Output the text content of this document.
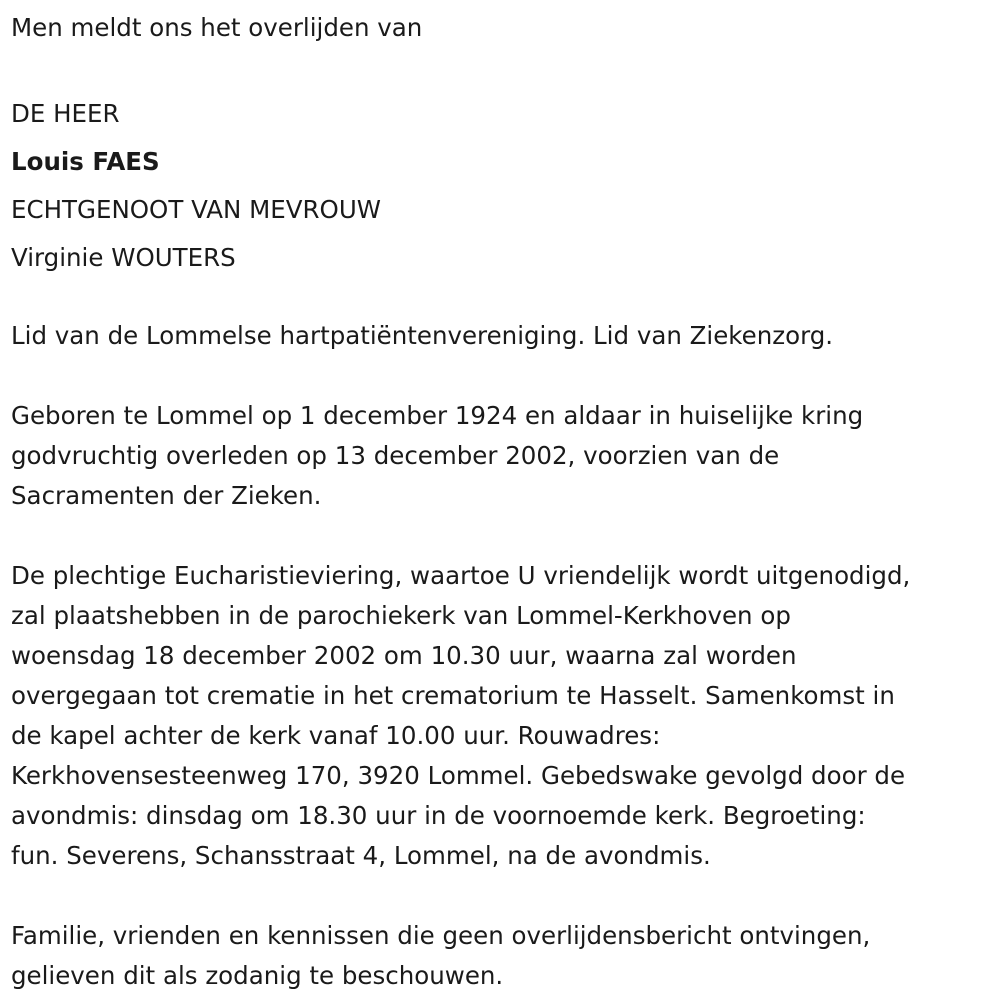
Men meldt ons het overlijden van
DE HEER
Louis FAES
ECHTGENOOT VAN MEVROUW
Virginie WOUTERS
Lid van de Lommelse hartpatiëntenvereniging. Lid van Ziekenzorg.
Geboren te Lommel op 1 december 1924 en aldaar in huiselijke kring
godvruchtig overleden op 13 december 2002, voorzien van de
Sacramenten der Zieken.
De plechtige Eucharistieviering, waartoe U vriendelijk wordt uitgenodigd,
zal plaatshebben in de parochiekerk van Lommel-Kerkhoven op
woensdag 18 december 2002 om 10.30 uur, waarna zal worden
overgegaan tot crematie in het crematorium te Hasselt. Samenkomst in
de kapel achter de kerk vanaf 10.00 uur. Rouwadres:
Kerkhovensesteenweg 170, 3920 Lommel. Gebedswake gevolgd door de
avondmis: dinsdag om 18.30 uur in de voornoemde kerk. Begroeting:
fun. Severens, Schansstraat 4, Lommel, na de avondmis.
Familie, vrienden en kennissen die geen overlijdensbericht ontvingen,
gelieven dit als zodanig te beschouwen.
